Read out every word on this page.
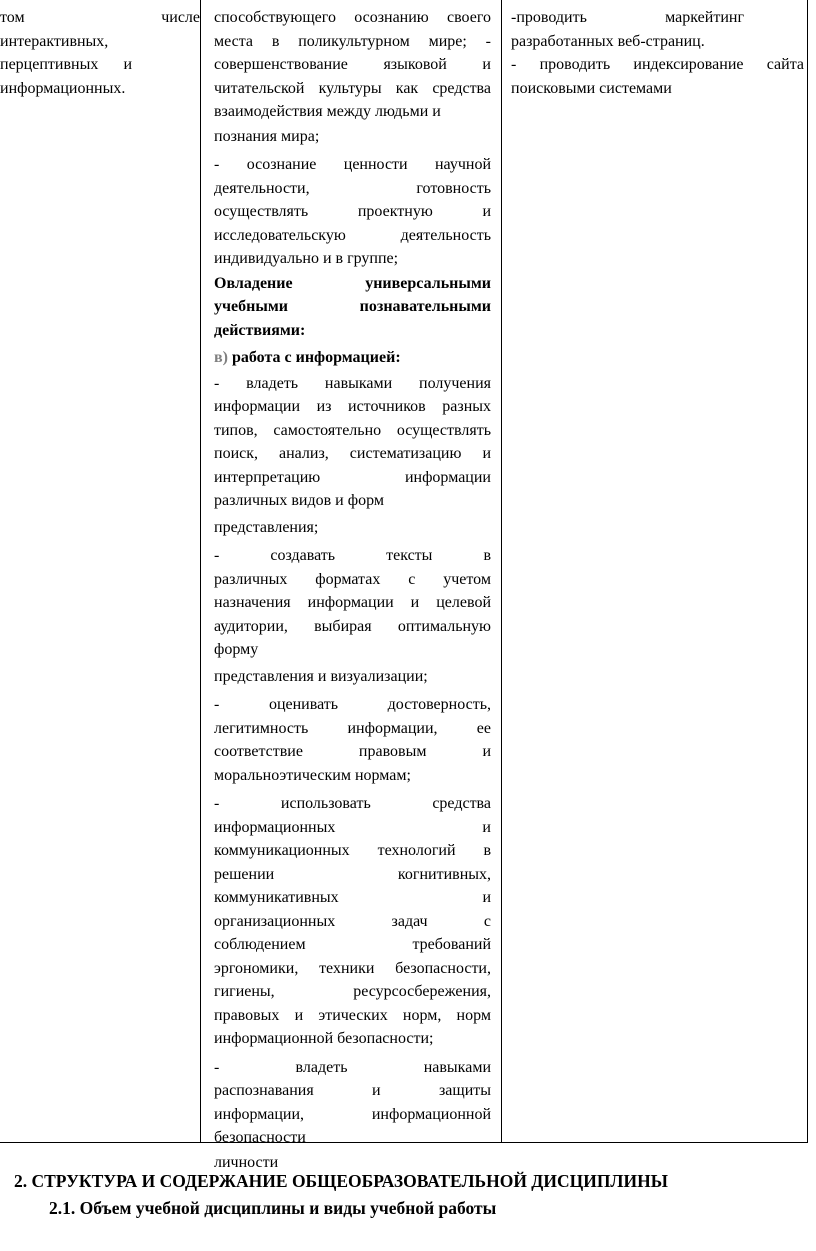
том	числе

интерактивных,

перцептивных и

информационных.

способствующего осознанию своего

места в поликультурном мире; -

совершенствование языковой и

читательской культуры как средства

взаимодействия между людьми и

познания мира;

- осознание ценности научной

деятельности, готовность

осуществлять проектную и

исследовательскую деятельность

индивидуально и в группе;

Овладение универсальными

учебными познавательными

действиями:

в) работа с информацией:

- владеть навыками получения

информации из источников разных

типов, самостоятельно осуществлять

поиск, анализ, систематизацию и

интерпретацию информации

различных видов и форм

представления;

- создавать тексты в

различных форматах с учетом

назначения информации и целевой

аудитории, выбирая оптимальную

форму

представления и визуализации;

- оценивать достоверность,

легитимность информации, ее

соответствие правовым и

моральноэтическим нормам;

- использовать средства

информационных и

коммуникационных технологий в

решении когнитивных,

коммуникативных и

организационных задач с

соблюдением требований

эргономики, техники безопасности,

гигиены, ресурсосбережения,

правовых и этических норм, норм

информационной безопасности;

- владеть навыками

распознавания и защиты

информации, информационной

безопасности

личности

-проводить маркейтинг

разработанных веб-страниц.

- проводить индексирование сайта

поисковыми системами

2. СТРУКТУРА И СОДЕРЖАНИЕ ОБЩЕОБРАЗОВАТЕЛЬНОЙ ДИСЦИПЛИНЫ
2.1. Объем учебной дисциплины и виды учебной работы
